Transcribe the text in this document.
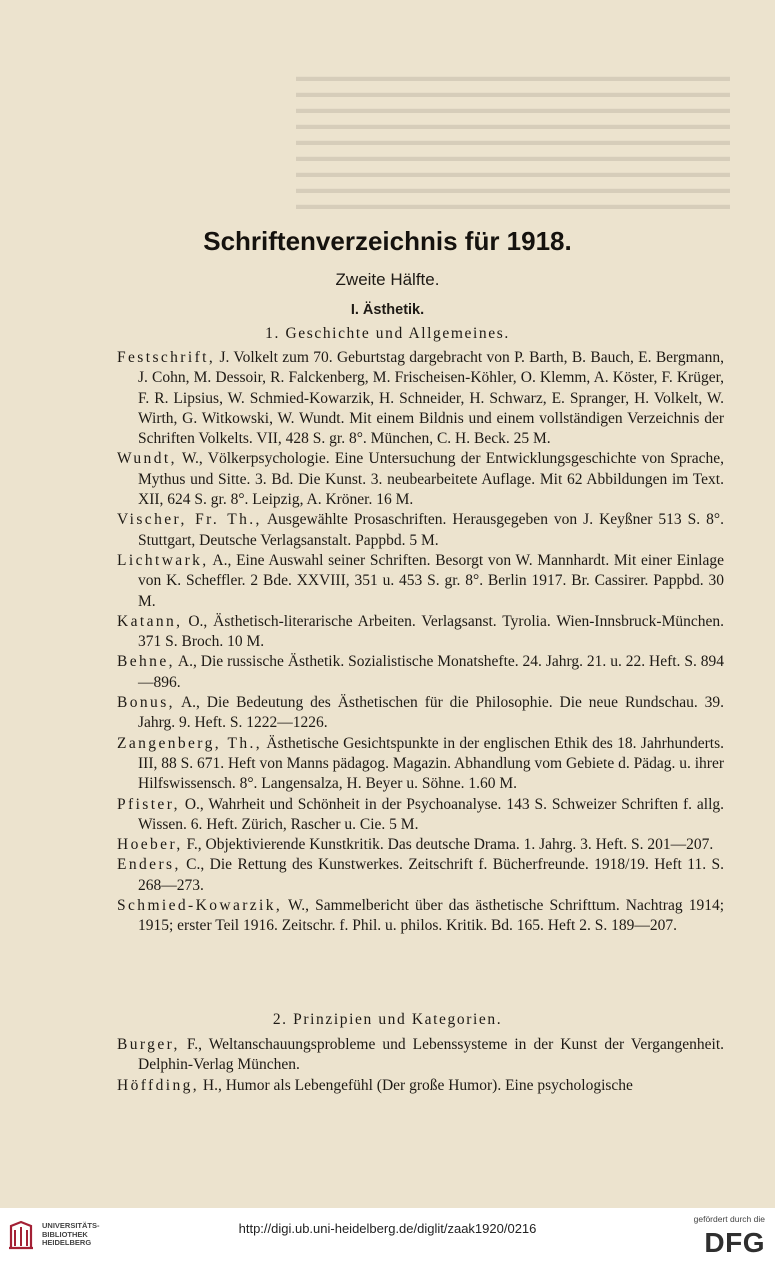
▬▬▬▬▬▬▬▬▬▬▬▬▬▬▬▬▬▬▬▬▬▬▬▬▬▬▬▬▬▬▬
▬▬▬▬▬▬▬▬▬▬▬▬▬▬▬▬▬▬▬▬▬▬▬▬▬▬▬▬▬▬▬
▬▬▬▬▬▬▬▬▬▬▬▬▬▬▬▬▬▬▬▬▬▬▬▬▬▬▬▬▬▬▬
▬▬▬▬▬▬▬▬▬▬▬▬▬▬▬▬▬▬▬▬▬▬▬▬▬▬▬▬▬▬▬
▬▬▬▬▬▬▬▬▬▬▬▬▬▬▬▬▬▬▬▬▬▬▬▬▬▬▬▬▬▬▬
▬▬▬▬▬▬▬▬▬▬▬▬▬▬▬▬▬▬▬▬▬▬▬▬▬▬▬▬▬▬▬
▬▬▬▬▬▬▬▬▬▬▬▬▬▬▬▬▬▬▬▬▬▬▬▬▬▬▬▬▬▬▬
▬▬▬▬▬▬▬▬▬▬▬▬▬▬▬▬▬▬▬▬▬▬▬▬▬▬▬▬▬▬▬
▬▬▬▬▬▬▬▬▬▬▬▬▬▬▬▬▬▬▬▬▬▬▬▬▬▬▬▬▬▬▬
Schriftenverzeichnis für 1918.
Zweite Hälfte.
I. Ästhetik.
1. Geschichte und Allgemeines.

Festschrift, J. Volkelt zum 70. Geburtstag dargebracht von P. Barth, B. Bauch, E. Bergmann, J. Cohn, M. Dessoir, R. Falckenberg, M. Frischeisen-Köhler, O. Klemm, A. Köster, F. Krüger, F. R. Lipsius, W. Schmied-Kowarzik, H. Schneider, H. Schwarz, E. Spranger, H. Volkelt, W. Wirth, G. Witkowski, W. Wundt. Mit einem Bildnis und einem vollständigen Verzeichnis der Schriften Volkelts. VII, 428 S. gr. 8°. München, C. H. Beck. 25 M.

Wundt, W., Völkerpsychologie. Eine Untersuchung der Entwicklungsgeschichte von Sprache, Mythus und Sitte. 3. Bd. Die Kunst. 3. neubearbeitete Auflage. Mit 62 Abbildungen im Text. XII, 624 S. gr. 8°. Leipzig, A. Kröner. 16 M.

Vischer, Fr. Th., Ausgewählte Prosaschriften. Herausgegeben von J. Keyßner 513 S. 8°. Stuttgart, Deutsche Verlagsanstalt. Pappbd. 5 M.

Lichtwark, A., Eine Auswahl seiner Schriften. Besorgt von W. Mannhardt. Mit einer Einlage von K. Scheffler. 2 Bde. XXVIII, 351 u. 453 S. gr. 8°. Berlin 1917. Br. Cassirer. Pappbd. 30 M.

Katann, O., Ästhetisch-literarische Arbeiten. Verlagsanst. Tyrolia. Wien-Innsbruck-München. 371 S. Broch. 10 M.

Behne, A., Die russische Ästhetik. Sozialistische Monatshefte. 24. Jahrg. 21. u. 22. Heft. S. 894—896.

Bonus, A., Die Bedeutung des Ästhetischen für die Philosophie. Die neue Rundschau. 39. Jahrg. 9. Heft. S. 1222—1226.

Zangenberg, Th., Ästhetische Gesichtspunkte in der englischen Ethik des 18. Jahrhunderts. III, 88 S. 671. Heft von Manns pädagog. Magazin. Abhandlung vom Gebiete d. Pädag. u. ihrer Hilfswissensch. 8°. Langensalza, H. Beyer u. Söhne. 1.60 M.

Pfister, O., Wahrheit und Schönheit in der Psychoanalyse. 143 S. Schweizer Schriften f. allg. Wissen. 6. Heft. Zürich, Rascher u. Cie. 5 M.

Hoeber, F., Objektivierende Kunstkritik. Das deutsche Drama. 1. Jahrg. 3. Heft. S. 201—207.

Enders, C., Die Rettung des Kunstwerkes. Zeitschrift f. Bücherfreunde. 1918/19. Heft 11. S. 268—273.

Schmied-Kowarzik, W., Sammelbericht über das ästhetische Schrifttum. Nachtrag 1914; 1915; erster Teil 1916. Zeitschr. f. Phil. u. philos. Kritik. Bd. 165. Heft 2. S. 189—207.

2. Prinzipien und Kategorien.

Burger, F., Weltanschauungsprobleme und Lebenssysteme in der Kunst der Vergangenheit. Delphin-Verlag München.

Höffding, H., Humor als Lebengefühl (Der große Humor). Eine psychologische

UNIVERSITÄTS-
BIBLIOTHEK
HEIDELBERG
http://digi.ub.uni-heidelberg.de/diglit/zaak1920/0216
gefördert durch die
DFG
